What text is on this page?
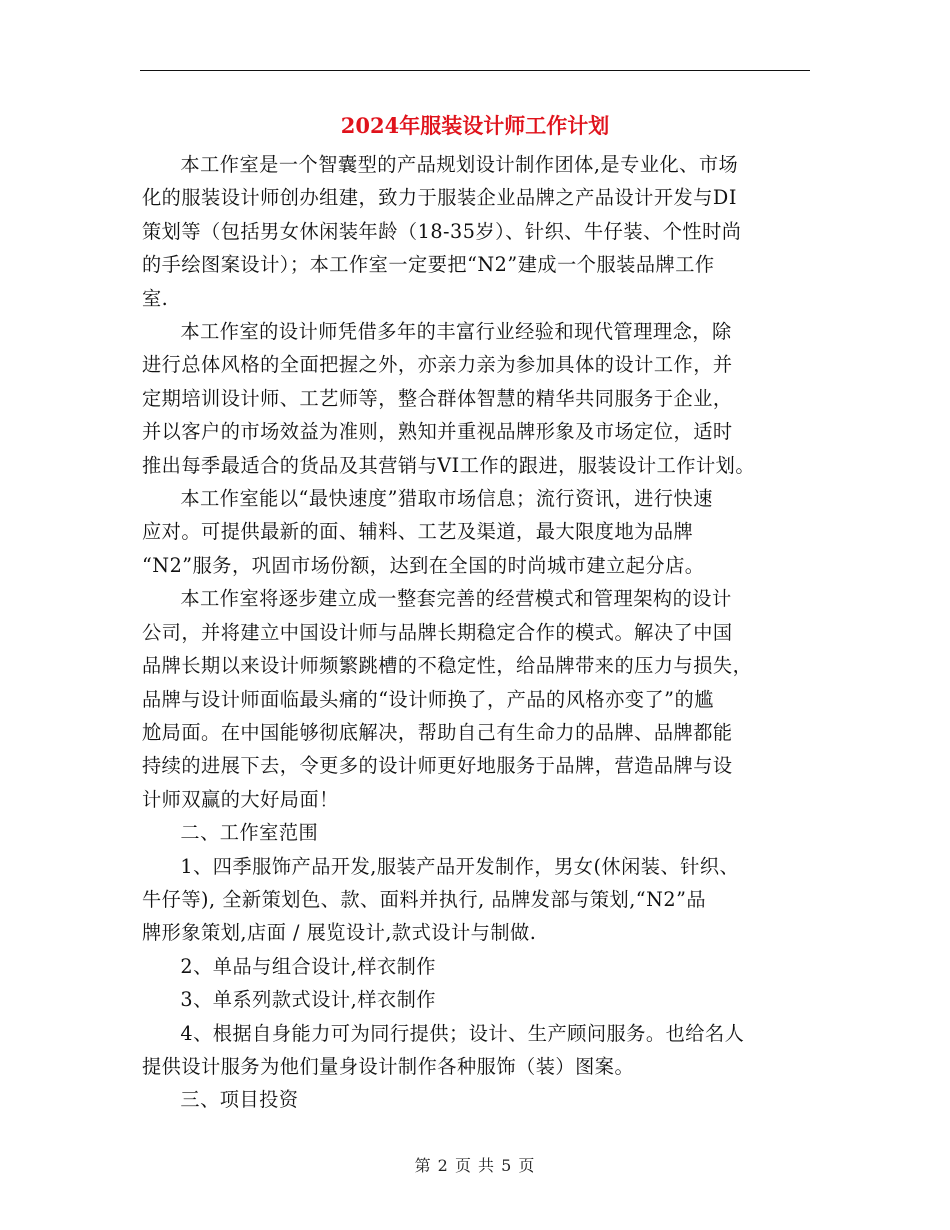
2024年服装设计师工作计划

本工作室是一个智囊型的产品规划设计制作团体,是专业化、市场
化的服装设计师创办组建，致力于服装企业品牌之产品设计开发与DI
策划等（包括男女休闲装年龄（18-35岁）、针织、牛仔装、个性时尚
的手绘图案设计）；本工作室一定要把“N2”建成一个服装品牌工作
室.

本工作室的设计师凭借多年的丰富行业经验和现代管理理念，除
进行总体风格的全面把握之外，亦亲力亲为参加具体的设计工作，并
定期培训设计师、工艺师等，整合群体智慧的精华共同服务于企业，
并以客户的市场效益为准则，熟知并重视品牌形象及市场定位，适时
推出每季最适合的货品及其营销与VI工作的跟进，服装设计工作计划。

本工作室能以“最快速度”猎取市场信息；流行资讯，进行快速
应对。可提供最新的面、辅料、工艺及渠道，最大限度地为品牌
“N2”服务，巩固市场份额，达到在全国的时尚城市建立起分店。

本工作室将逐步建立成一整套完善的经营模式和管理架构的设计
公司，并将建立中国设计师与品牌长期稳定合作的模式。解决了中国
品牌长期以来设计师频繁跳槽的不稳定性，给品牌带来的压力与损失，
品牌与设计师面临最头痛的“设计师换了，产品的风格亦变了”的尴
尬局面。在中国能够彻底解决，帮助自己有生命力的品牌、品牌都能
持续的进展下去，令更多的设计师更好地服务于品牌，营造品牌与设
计师双赢的大好局面！

二、工作室范围

1、四季服饰产品开发,服装产品开发制作，男女(休闲装、针织、
牛仔等), 全新策划色、款、面料并执行, 品牌发部与策划,“N2”品
牌形象策划,店面 / 展览设计,款式设计与制做.

2、单品与组合设计,样衣制作

3、单系列款式设计,样衣制作

4、根据自身能力可为同行提供；设计、生产顾问服务。也给名人
提供设计服务为他们量身设计制作各种服饰（装）图案。

三、项目投资

第 2 页 共 5 页
